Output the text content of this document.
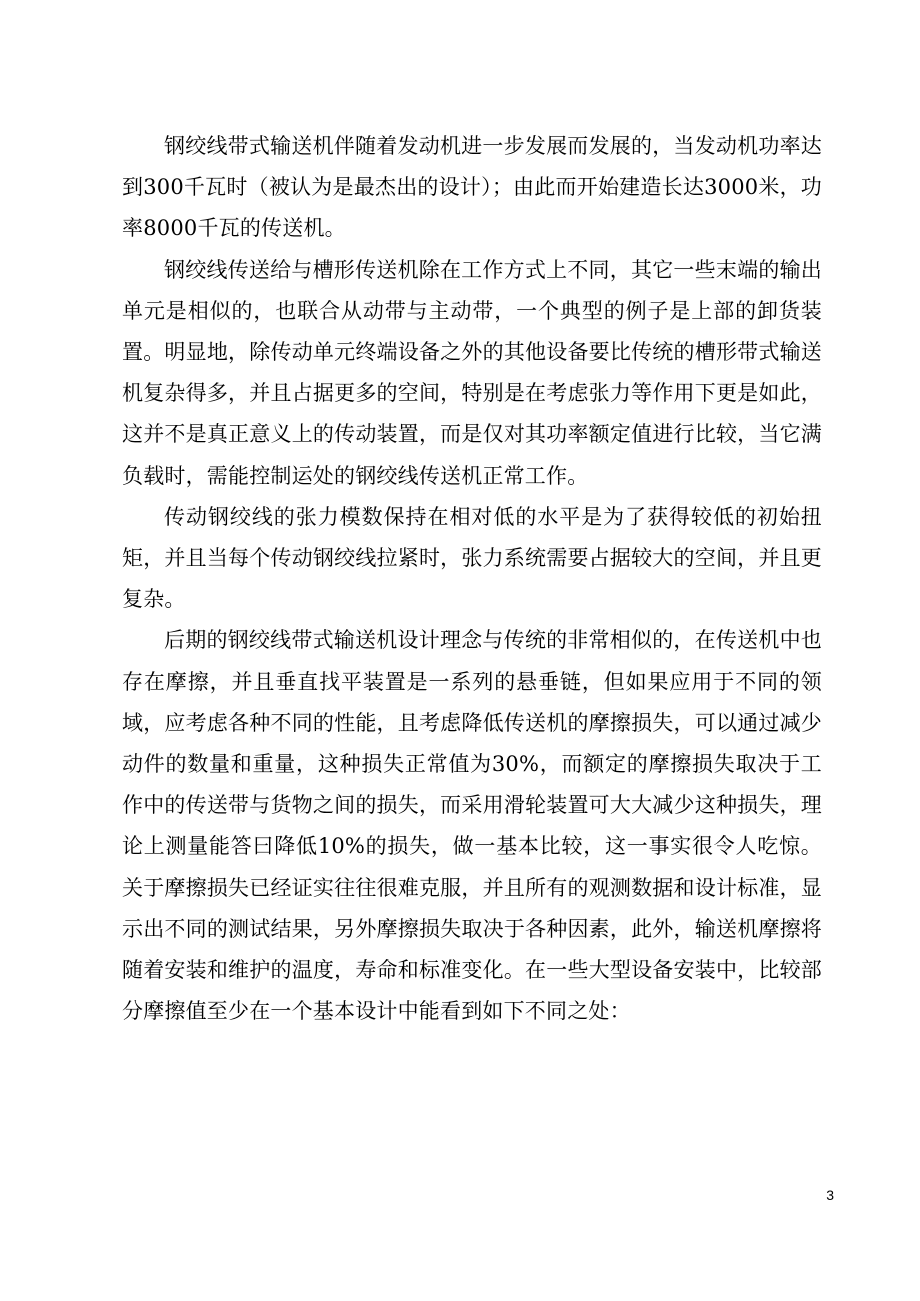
钢绞线带式输送机伴随着发动机进一步发展而发展的，当发动机功率达到300千瓦时（被认为是最杰出的设计）；由此而开始建造长达3000米，功率8000千瓦的传送机。

钢绞线传送给与槽形传送机除在工作方式上不同，其它一些末端的输出单元是相似的，也联合从动带与主动带，一个典型的例子是上部的卸货装置。明显地，除传动单元终端设备之外的其他设备要比传统的槽形带式输送机复杂得多，并且占据更多的空间，特别是在考虑张力等作用下更是如此，这并不是真正意义上的传动装置，而是仅对其功率额定值进行比较，当它满负载时，需能控制运处的钢绞线传送机正常工作。

传动钢绞线的张力模数保持在相对低的水平是为了获得较低的初始扭矩，并且当每个传动钢绞线拉紧时，张力系统需要占据较大的空间，并且更复杂。

后期的钢绞线带式输送机设计理念与传统的非常相似的，在传送机中也存在摩擦，并且垂直找平装置是一系列的悬垂链，但如果应用于不同的领域，应考虑各种不同的性能，且考虑降低传送机的摩擦损失，可以通过减少动件的数量和重量，这种损失正常值为30%，而额定的摩擦损失取决于工作中的传送带与货物之间的损失，而采用滑轮装置可大大减少这种损失，理论上测量能答曰降低10%的损失，做一基本比较，这一事实很令人吃惊。关于摩擦损失已经证实往往很难克服，并且所有的观测数据和设计标准，显示出不同的测试结果，另外摩擦损失取决于各种因素，此外，输送机摩擦将随着安装和维护的温度，寿命和标准变化。在一些大型设备安装中，比较部分摩擦值至少在一个基本设计中能看到如下不同之处：

3
